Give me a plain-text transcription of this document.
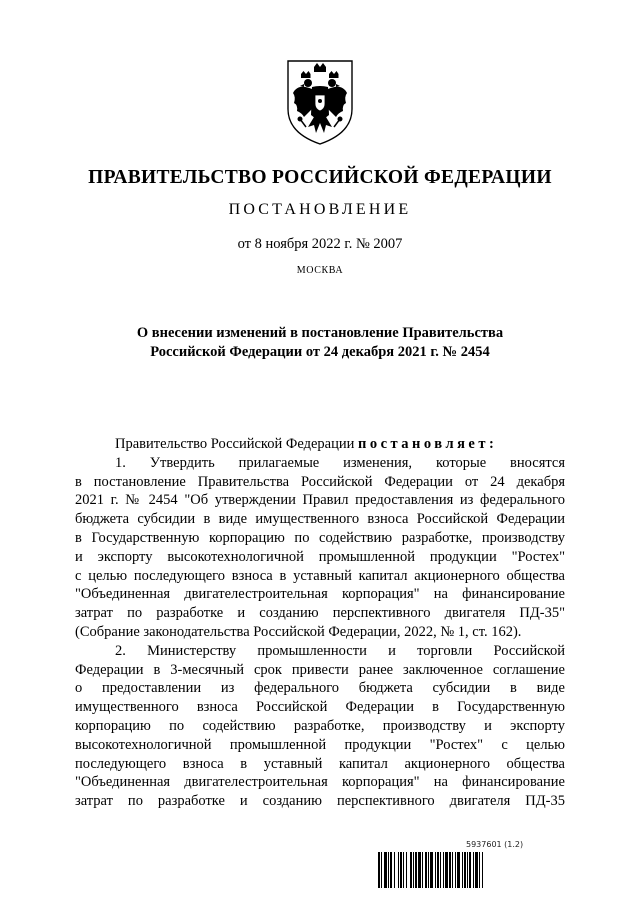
ПРАВИТЕЛЬСТВО РОССИЙСКОЙ ФЕДЕРАЦИИ
ПОСТАНОВЛЕНИЕ
от 8 ноября 2022 г. № 2007
МОСКВА
О внесении изменений в постановление Правительства
Российской Федерации от 24 декабря 2021 г. № 2454
Правительство Российской Федерации постановляет:
1. Утвердить прилагаемые изменения, которые вносятся
в постановление Правительства Российской Федерации от 24 декабря
2021 г. № 2454 "Об утверждении Правил предоставления из федерального
бюджета субсидии в виде имущественного взноса Российской Федерации
в Государственную корпорацию по содействию разработке, производству
и экспорту высокотехнологичной промышленной продукции "Ростех"
с целью последующего взноса в уставный капитал акционерного общества
"Объединенная двигателестроительная корпорация" на финансирование
затрат по разработке и созданию перспективного двигателя ПД-35"
(Собрание законодательства Российской Федерации, 2022, № 1, ст. 162).
2. Министерству промышленности и торговли Российской
Федерации в 3-месячный срок привести ранее заключенное соглашение
о предоставлении из федерального бюджета субсидии в виде
имущественного взноса Российской Федерации в Государственную
корпорацию по содействию разработке, производству и экспорту
высокотехнологичной промышленной продукции "Ростех" с целью
последующего взноса в уставный капитал акционерного общества
"Объединенная двигателестроительная корпорация" на финансирование
затрат по разработке и созданию перспективного двигателя ПД-35
5937601 (1.2)
